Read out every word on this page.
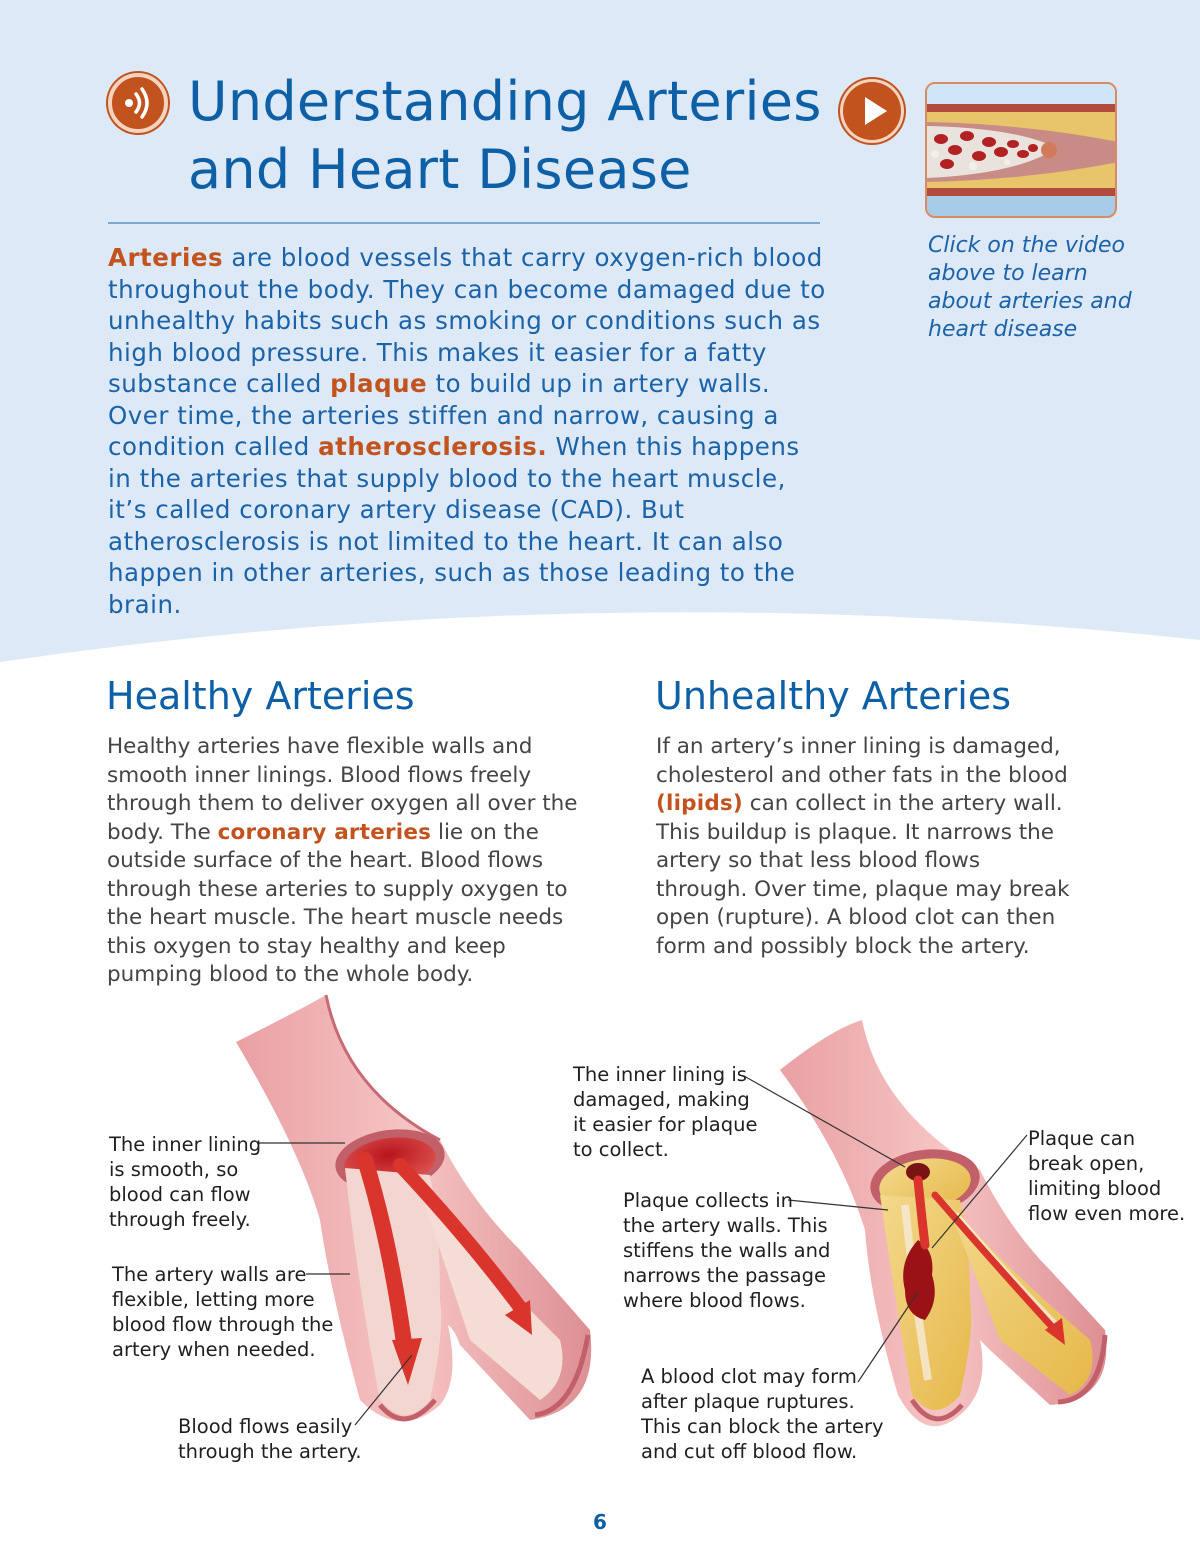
Understanding Arteries and Heart Disease

Arteries are blood vessels that carry oxygen-rich blood throughout the body. They can become damaged due to unhealthy habits such as smoking or conditions such as high blood pressure. This makes it easier for a fatty substance called plaque to build up in artery walls. Over time, the arteries stiffen and narrow, causing a condition called atherosclerosis. When this happens in the arteries that supply blood to the heart muscle, it’s called coronary artery disease (CAD). But atherosclerosis is not limited to the heart. It can also happen in other arteries, such as those leading to the brain.

Click on the video above to learn about arteries and heart disease

Healthy Arteries

Healthy arteries have flexible walls and smooth inner linings. Blood flows freely through them to deliver oxygen all over the body. The coronary arteries lie on the outside surface of the heart. Blood flows through these arteries to supply oxygen to the heart muscle. The heart muscle needs this oxygen to stay healthy and keep pumping blood to the whole body.

Unhealthy Arteries

If an artery’s inner lining is damaged, cholesterol and other fats in the blood (lipids) can collect in the artery wall. This buildup is plaque. It narrows the artery so that less blood flows through. Over time, plaque may break open (rupture). A blood clot can then form and possibly block the artery.

The inner lining
is smooth, so
blood can flow
through freely.

The artery walls are
flexible, letting more
blood flow through the
artery when needed.

Blood flows easily
through the artery.

The inner lining is
damaged, making
it easier for plaque
to collect.

Plaque collects in
the artery walls. This
stiffens the walls and
narrows the passage
where blood flows.

Plaque can
break open,
limiting blood
flow even more.

A blood clot may form
after plaque ruptures.
This can block the artery
and cut off blood flow.

6
